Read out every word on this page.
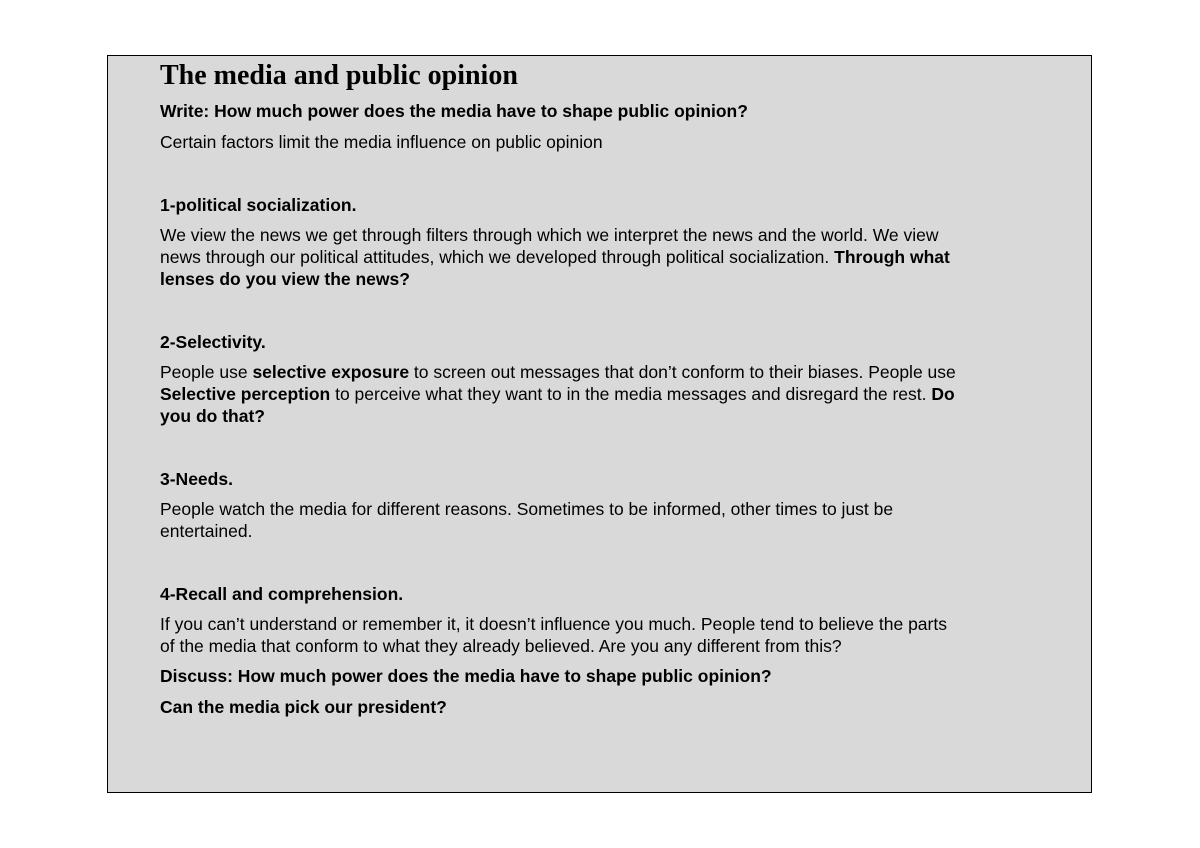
The media and public opinion
Write: How much power does the media have to shape public opinion?
Certain factors limit the media influence on public opinion
1-political socialization.
We view the news we get through filters through which we interpret the news and the world. We view news through our political attitudes, which we developed through political socialization. Through what lenses do you view the news?
2-Selectivity.
People use selective exposure to screen out messages that don’t conform to their biases. People use Selective perception to perceive what they want to in the media messages and disregard the rest. Do you do that?
3-Needs.
People watch the media for different reasons. Sometimes to be informed, other times to just be entertained.
4-Recall and comprehension.
If you can’t understand or remember it, it doesn’t influence you much. People tend to believe the parts of the media that conform to what they already believed. Are you any different from this?
Discuss: How much power does the media have to shape public opinion?
Can the media pick our president?
